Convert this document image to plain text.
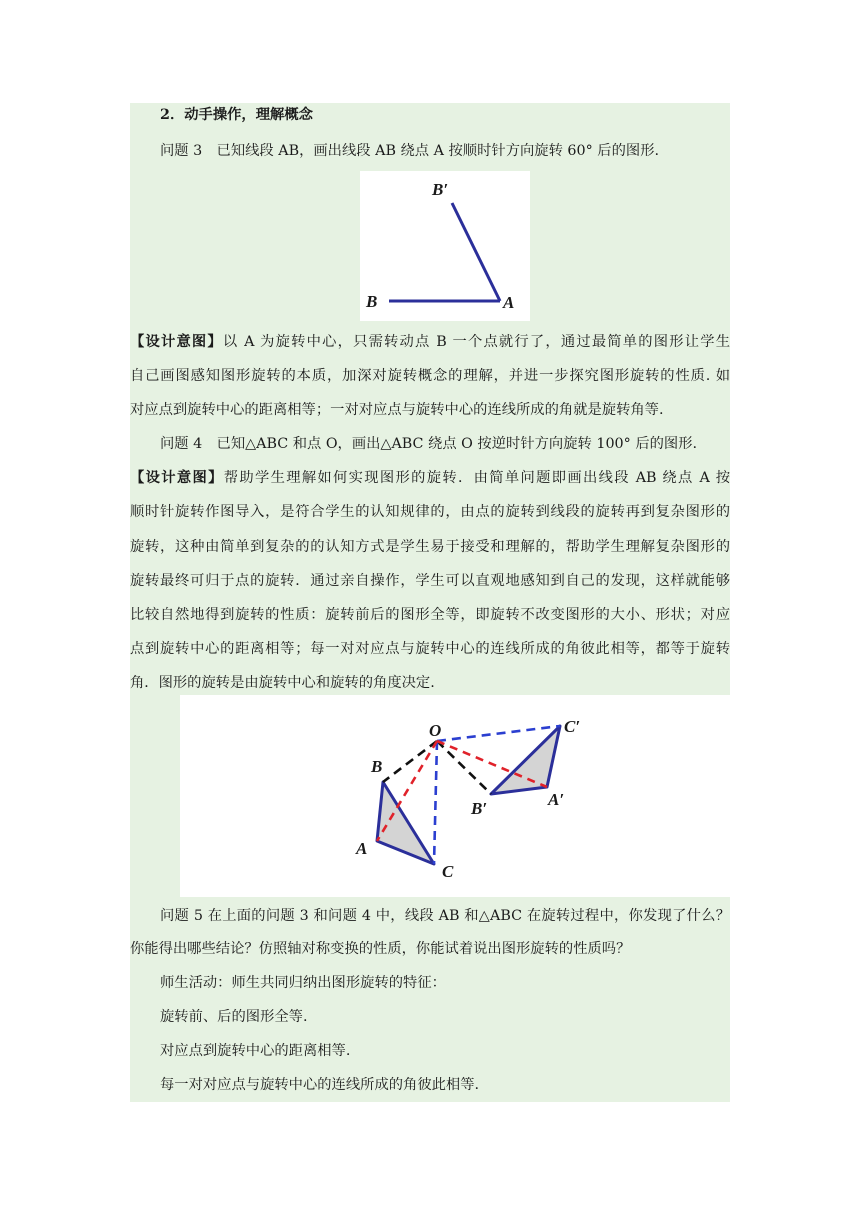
2．动手操作，理解概念
问题 3　已知线段 AB，画出线段 AB 绕点 A 按顺时针方向旋转 60° 后的图形.
B′
B	A
【设计意图】以 A 为旋转中心，只需转动点 B 一个点就行了，通过最简单的图形让学生
自己画图感知图形旋转的本质，加深对旋转概念的理解，并进一步探究图形旋转的性质. 如
对应点到旋转中心的距离相等；一对对应点与旋转中心的连线所成的角就是旋转角等.
问题 4　已知△ABC 和点 O，画出△ABC 绕点 O 按逆时针方向旋转 100° 后的图形.
【设计意图】帮助学生理解如何实现图形的旋转．由简单问题即画出线段 AB 绕点 A 按
顺时针旋转作图导入，是符合学生的认知规律的，由点的旋转到线段的旋转再到复杂图形的
旋转，这种由简单到复杂的的认知方式是学生易于接受和理解的，帮助学生理解复杂图形的
旋转最终可归于点的旋转．通过亲自操作，学生可以直观地感知到自己的发现，这样就能够
比较自然地得到旋转的性质：旋转前后的图形全等，即旋转不改变图形的大小、形状；对应
点到旋转中心的距离相等；每一对对应点与旋转中心的连线所成的角彼此相等，都等于旋转
角．图形的旋转是由旋转中心和旋转的角度决定.
O
B
A
C
C′
B′	A′
问题 5 在上面的问题 3 和问题 4 中，线段 AB 和△ABC 在旋转过程中，你发现了什么？
你能得出哪些结论？仿照轴对称变换的性质，你能试着说出图形旋转的性质吗？
师生活动：师生共同归纳出图形旋转的特征：
旋转前、后的图形全等.
对应点到旋转中心的距离相等.
每一对对应点与旋转中心的连线所成的角彼此相等.
